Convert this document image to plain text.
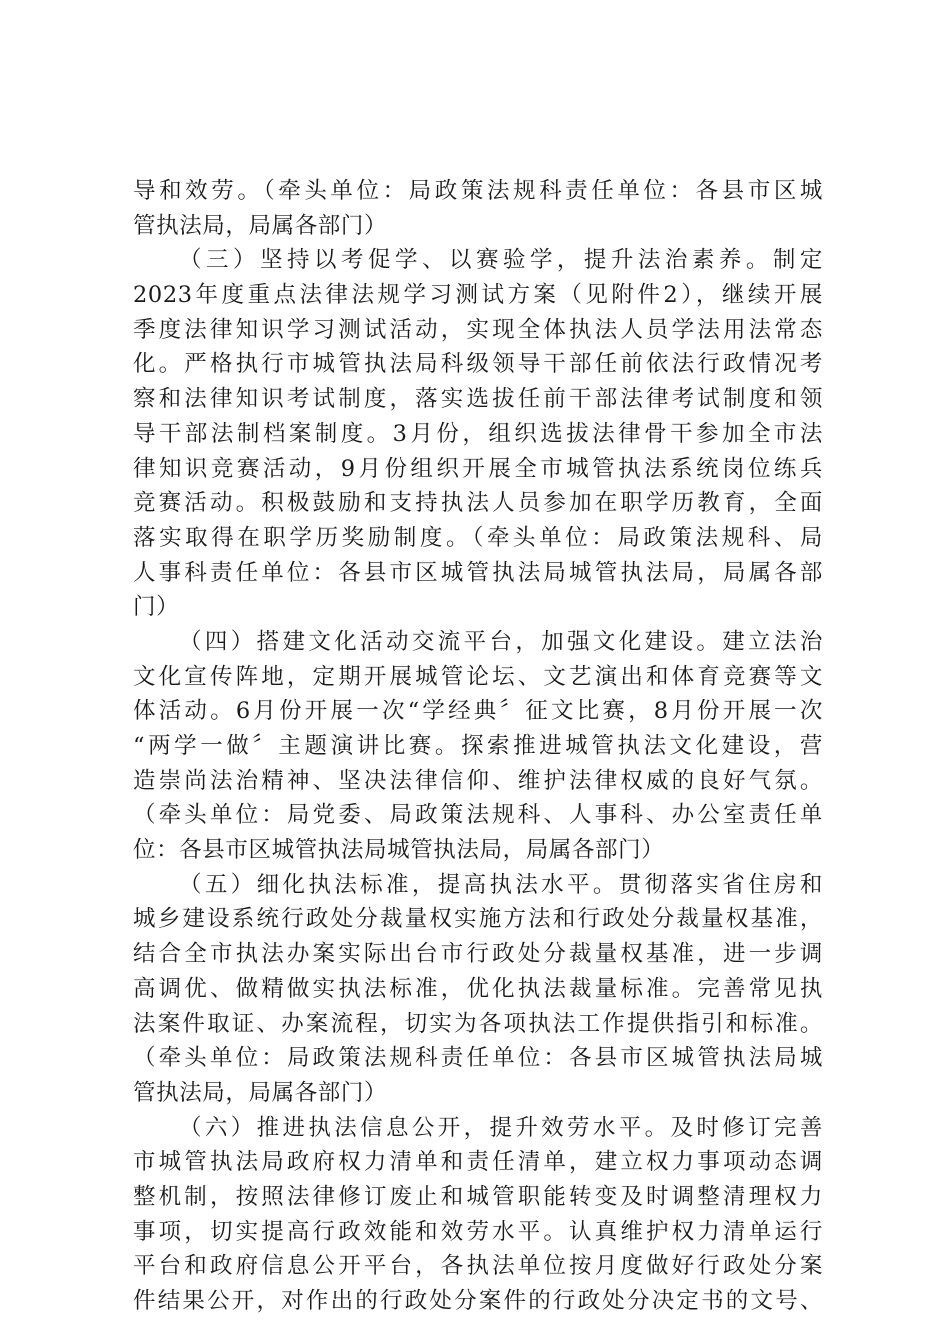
导和效劳。（牵头单位：局政策法规科责任单位：各县市区城
管执法局，局属各部门）
（三）坚持以考促学、以赛验学，提升法治素养。制定
2023年度重点法律法规学习测试方案（见附件2），继续开展
季度法律知识学习测试活动，实现全体执法人员学法用法常态
化。严格执行市城管执法局科级领导干部任前依法行政情况考
察和法律知识考试制度，落实选拔任前干部法律考试制度和领
导干部法制档案制度。3月份，组织选拔法律骨干参加全市法
律知识竞赛活动，9月份组织开展全市城管执法系统岗位练兵
竞赛活动。积极鼓励和支持执法人员参加在职学历教育，全面
落实取得在职学历奖励制度。（牵头单位：局政策法规科、局
人事科责任单位：各县市区城管执法局城管执法局，局属各部
门）
（四）搭建文化活动交流平台，加强文化建设。建立法治
文化宣传阵地，定期开展城管论坛、文艺演出和体育竞赛等文
体活动。6月份开展一次“学经典〞征文比赛，8月份开展一次
“两学一做〞主题演讲比赛。探索推进城管执法文化建设，营
造崇尚法治精神、坚决法律信仰、维护法律权威的良好气氛。
（牵头单位：局党委、局政策法规科、人事科、办公室责任单
位：各县市区城管执法局城管执法局，局属各部门）
（五）细化执法标准，提高执法水平。贯彻落实省住房和
城乡建设系统行政处分裁量权实施方法和行政处分裁量权基准，
结合全市执法办案实际出台市行政处分裁量权基准，进一步调
高调优、做精做实执法标准，优化执法裁量标准。完善常见执
法案件取证、办案流程，切实为各项执法工作提供指引和标准。
（牵头单位：局政策法规科责任单位：各县市区城管执法局城
管执法局，局属各部门）
（六）推进执法信息公开，提升效劳水平。及时修订完善
市城管执法局政府权力清单和责任清单，建立权力事项动态调
整机制，按照法律修订废止和城管职能转变及时调整清理权力
事项，切实提高行政效能和效劳水平。认真维护权力清单运行
平台和政府信息公开平台，各执法单位按月度做好行政处分案
件结果公开，对作出的行政处分案件的行政处分决定书的文号、
